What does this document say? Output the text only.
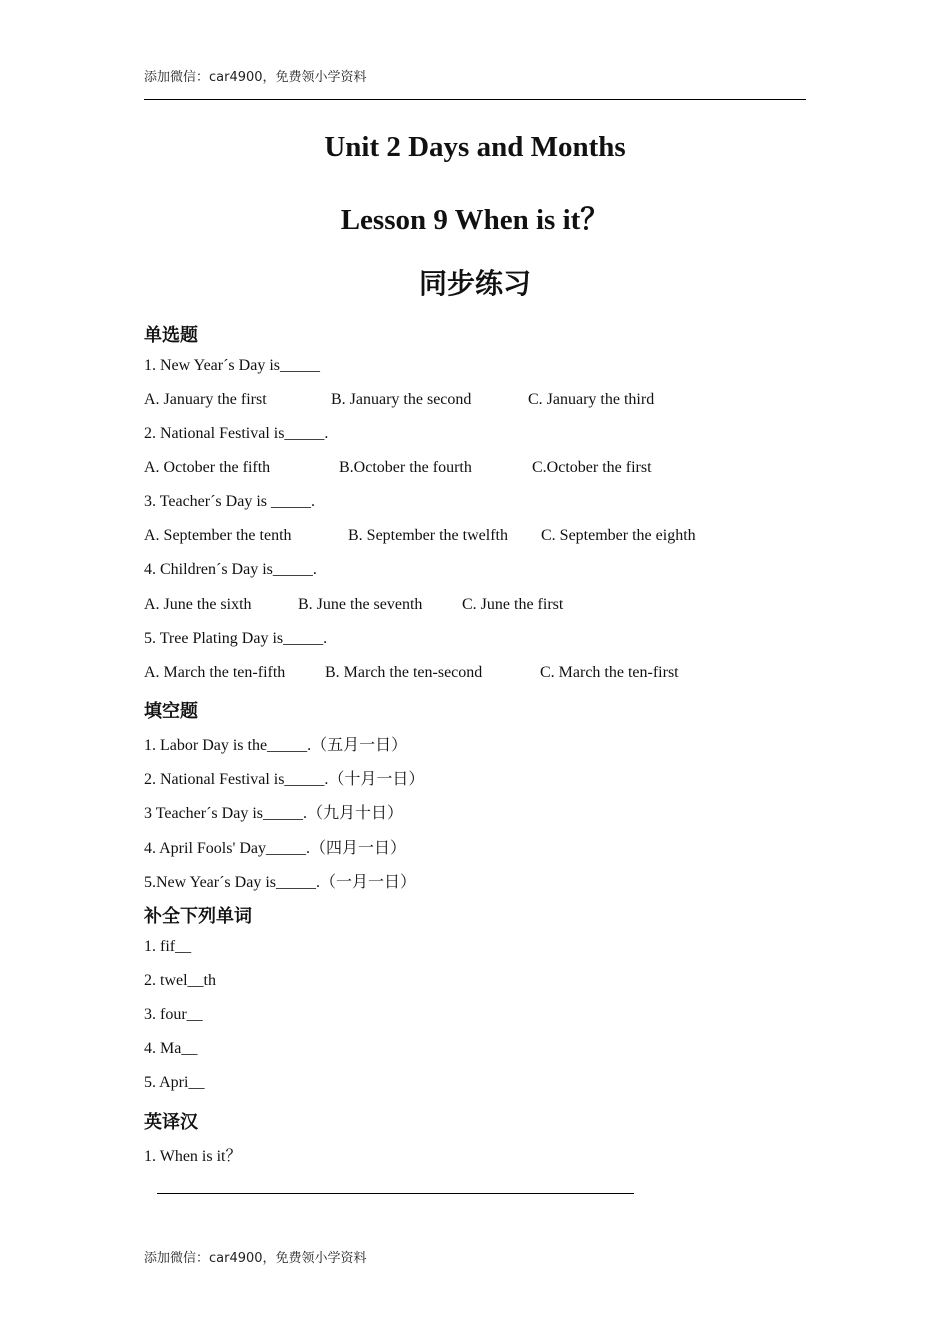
添加微信：car4900，免费领小学资料
Unit 2 Days and Months
Lesson 9 When is it？
同步练习
单选题
1. New Year´s Day is_____
A. January the first	B. January the second	C. January the third
2. National Festival is_____.
A. October the fifth	B.October the fourth	C.October the first
3. Teacher´s Day is _____.
A. September the tenth	B. September the twelfth C. September the eighth
4. Children´s Day is_____.
A. June the sixth	B. June the seventh C. June the first
5. Tree Plating Day is_____.
A. March the ten-fifth B. March the ten-second	C. March the ten-first
填空题
1. Labor Day is the_____.（五月一日）
2. National Festival is_____.（十月一日）
3 Teacher´s Day is_____.（九月十日）
4. April Fools' Day_____.（四月一日）
5.New Year´s Day is_____.（一月一日）
补全下列单词
1. fif__
2. twel__th
3. four__
4. Ma__
5. Apri__
英译汉
1. When is it？
添加微信：car4900，免费领小学资料
